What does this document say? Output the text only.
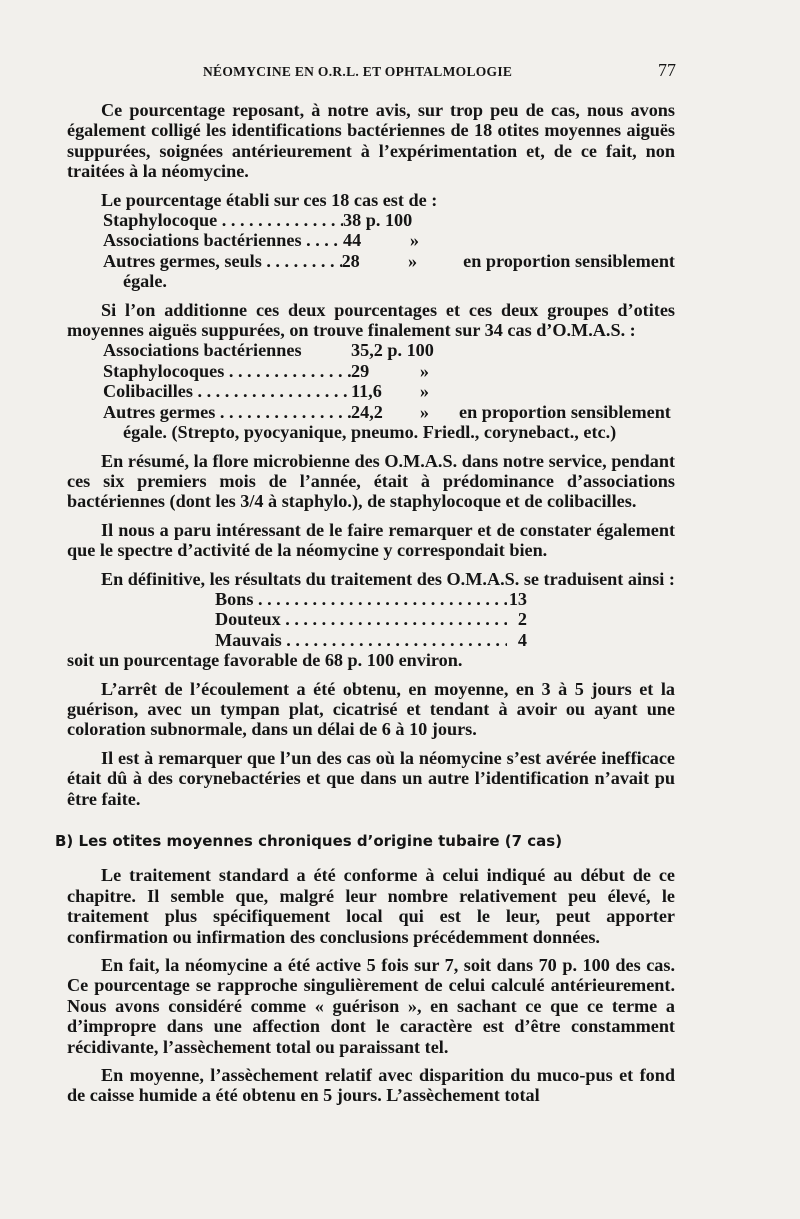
NÉOMYCINE EN O.R.L. ET OPHTALMOLOGIE	77

Ce pourcentage reposant, à notre avis, sur trop peu de cas, nous avons également colligé les identifications bactériennes de 18 otites moyennes aiguës suppurées, soignées antérieurement à l’expérimentation et, de ce fait, non traitées à la néomycine.

Le pourcentage établi sur ces 18 cas est de :

Staphylocoque . . .	38 p. 100
Associations bactériennes . . .	44	»
Autres germes, seuls . . .	28	»	en proportion sensiblement
égale.

Si l’on additionne ces deux pourcentages et ces deux groupes d’otites moyennes aiguës suppurées, on trouve finalement sur 34 cas d’O.M.A.S. :

Associations bactériennes	35,2 p. 100
Staphylocoques . . .	29	»
Colibacilles . . .	11,6	»
Autres germes . . .	24,2	»	en proportion sensiblement
égale. (Strepto, pyocyanique, pneumo. Friedl., corynebact., etc.)

En résumé, la flore microbienne des O.M.A.S. dans notre service, pendant ces six premiers mois de l’année, était à prédominance d’associations bactériennes (dont les 3/4 à staphylo.), de staphylocoque et de colibacilles.

Il nous a paru intéressant de le faire remarquer et de constater également que le spectre d’activité de la néomycine y correspondait bien.

En définitive, les résultats du traitement des O.M.A.S. se traduisent ainsi :

Bons . . .	13
Douteux . . .	2
Mauvais . . .	4

soit un pourcentage favorable de 68 p. 100 environ.

L’arrêt de l’écoulement a été obtenu, en moyenne, en 3 à 5 jours et la guérison, avec un tympan plat, cicatrisé et tendant à avoir ou ayant une coloration subnormale, dans un délai de 6 à 10 jours.

Il est à remarquer que l’un des cas où la néomycine s’est avérée inefficace était dû à des corynebactéries et que dans un autre l’identification n’avait pu être faite.

B) Les otites moyennes chroniques d’origine tubaire (7 cas)

Le traitement standard a été conforme à celui indiqué au début de ce chapitre. Il semble que, malgré leur nombre relativement peu élevé, le traitement plus spécifiquement local qui est le leur, peut apporter confirmation ou infirmation des conclusions précédemment données.

En fait, la néomycine a été active 5 fois sur 7, soit dans 70 p. 100 des cas. Ce pourcentage se rapproche singulièrement de celui calculé antérieurement. Nous avons considéré comme « guérison », en sachant ce que ce terme a d’impropre dans une affection dont le caractère est d’être constamment récidivante, l’assèchement total ou paraissant tel.

En moyenne, l’assèchement relatif avec disparition du muco-pus et fond de caisse humide a été obtenu en 5 jours. L’assèchement total
